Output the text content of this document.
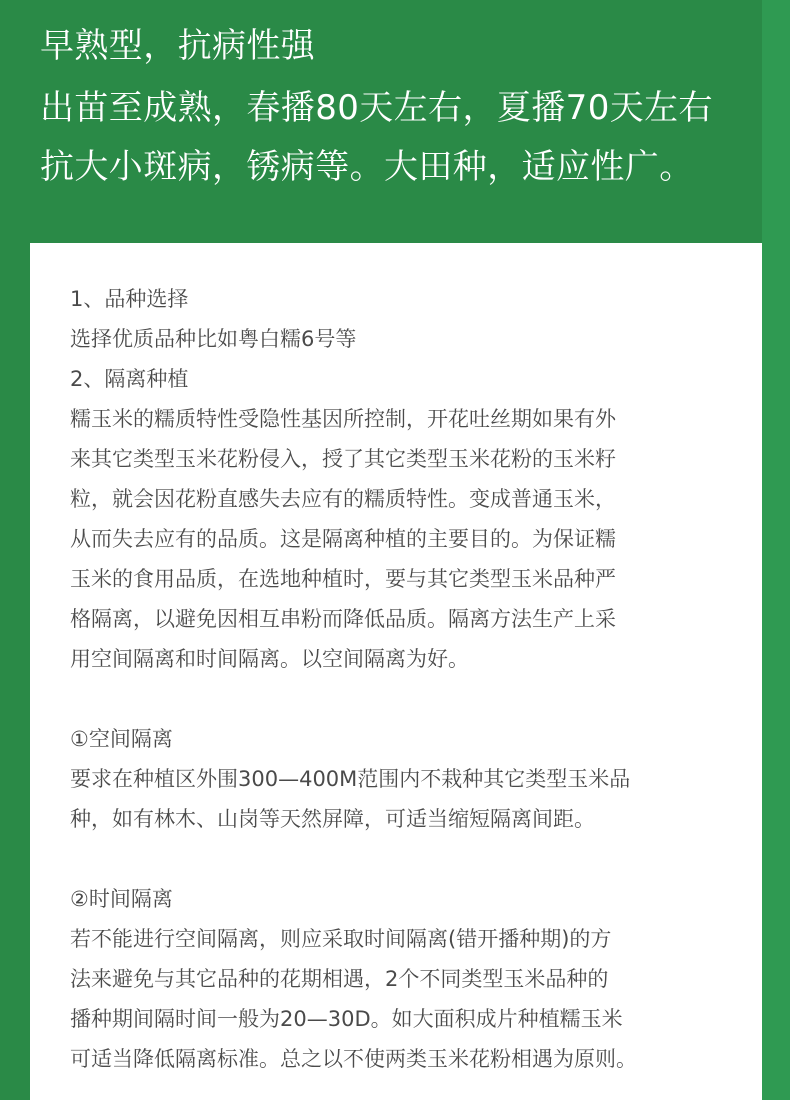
早熟型，抗病性强
出苗至成熟，春播80天左右，夏播70天左右
抗大小斑病，锈病等。大田种，适应性广。
1、品种选择
选择优质品种比如粤白糯6号等
2、隔离种植
糯玉米的糯质特性受隐性基因所控制，开花吐丝期如果有外
来其它类型玉米花粉侵入，授了其它类型玉米花粉的玉米籽
粒，就会因花粉直感失去应有的糯质特性。变成普通玉米，
从而失去应有的品质。这是隔离种植的主要目的。为保证糯
玉米的食用品质，在选地种植时，要与其它类型玉米品种严
格隔离，以避免因相互串粉而降低品质。隔离方法生产上采
用空间隔离和时间隔离。以空间隔离为好。
①空间隔离
要求在种植区外围300—400M范围内不栽种其它类型玉米品
种，如有林木、山岗等天然屏障，可适当缩短隔离间距。
②时间隔离
若不能进行空间隔离，则应采取时间隔离(错开播种期)的方
法来避免与其它品种的花期相遇，2个不同类型玉米品种的
播种期间隔时间一般为20—30D。如大面积成片种植糯玉米
可适当降低隔离标准。总之以不使两类玉米花粉相遇为原则。
